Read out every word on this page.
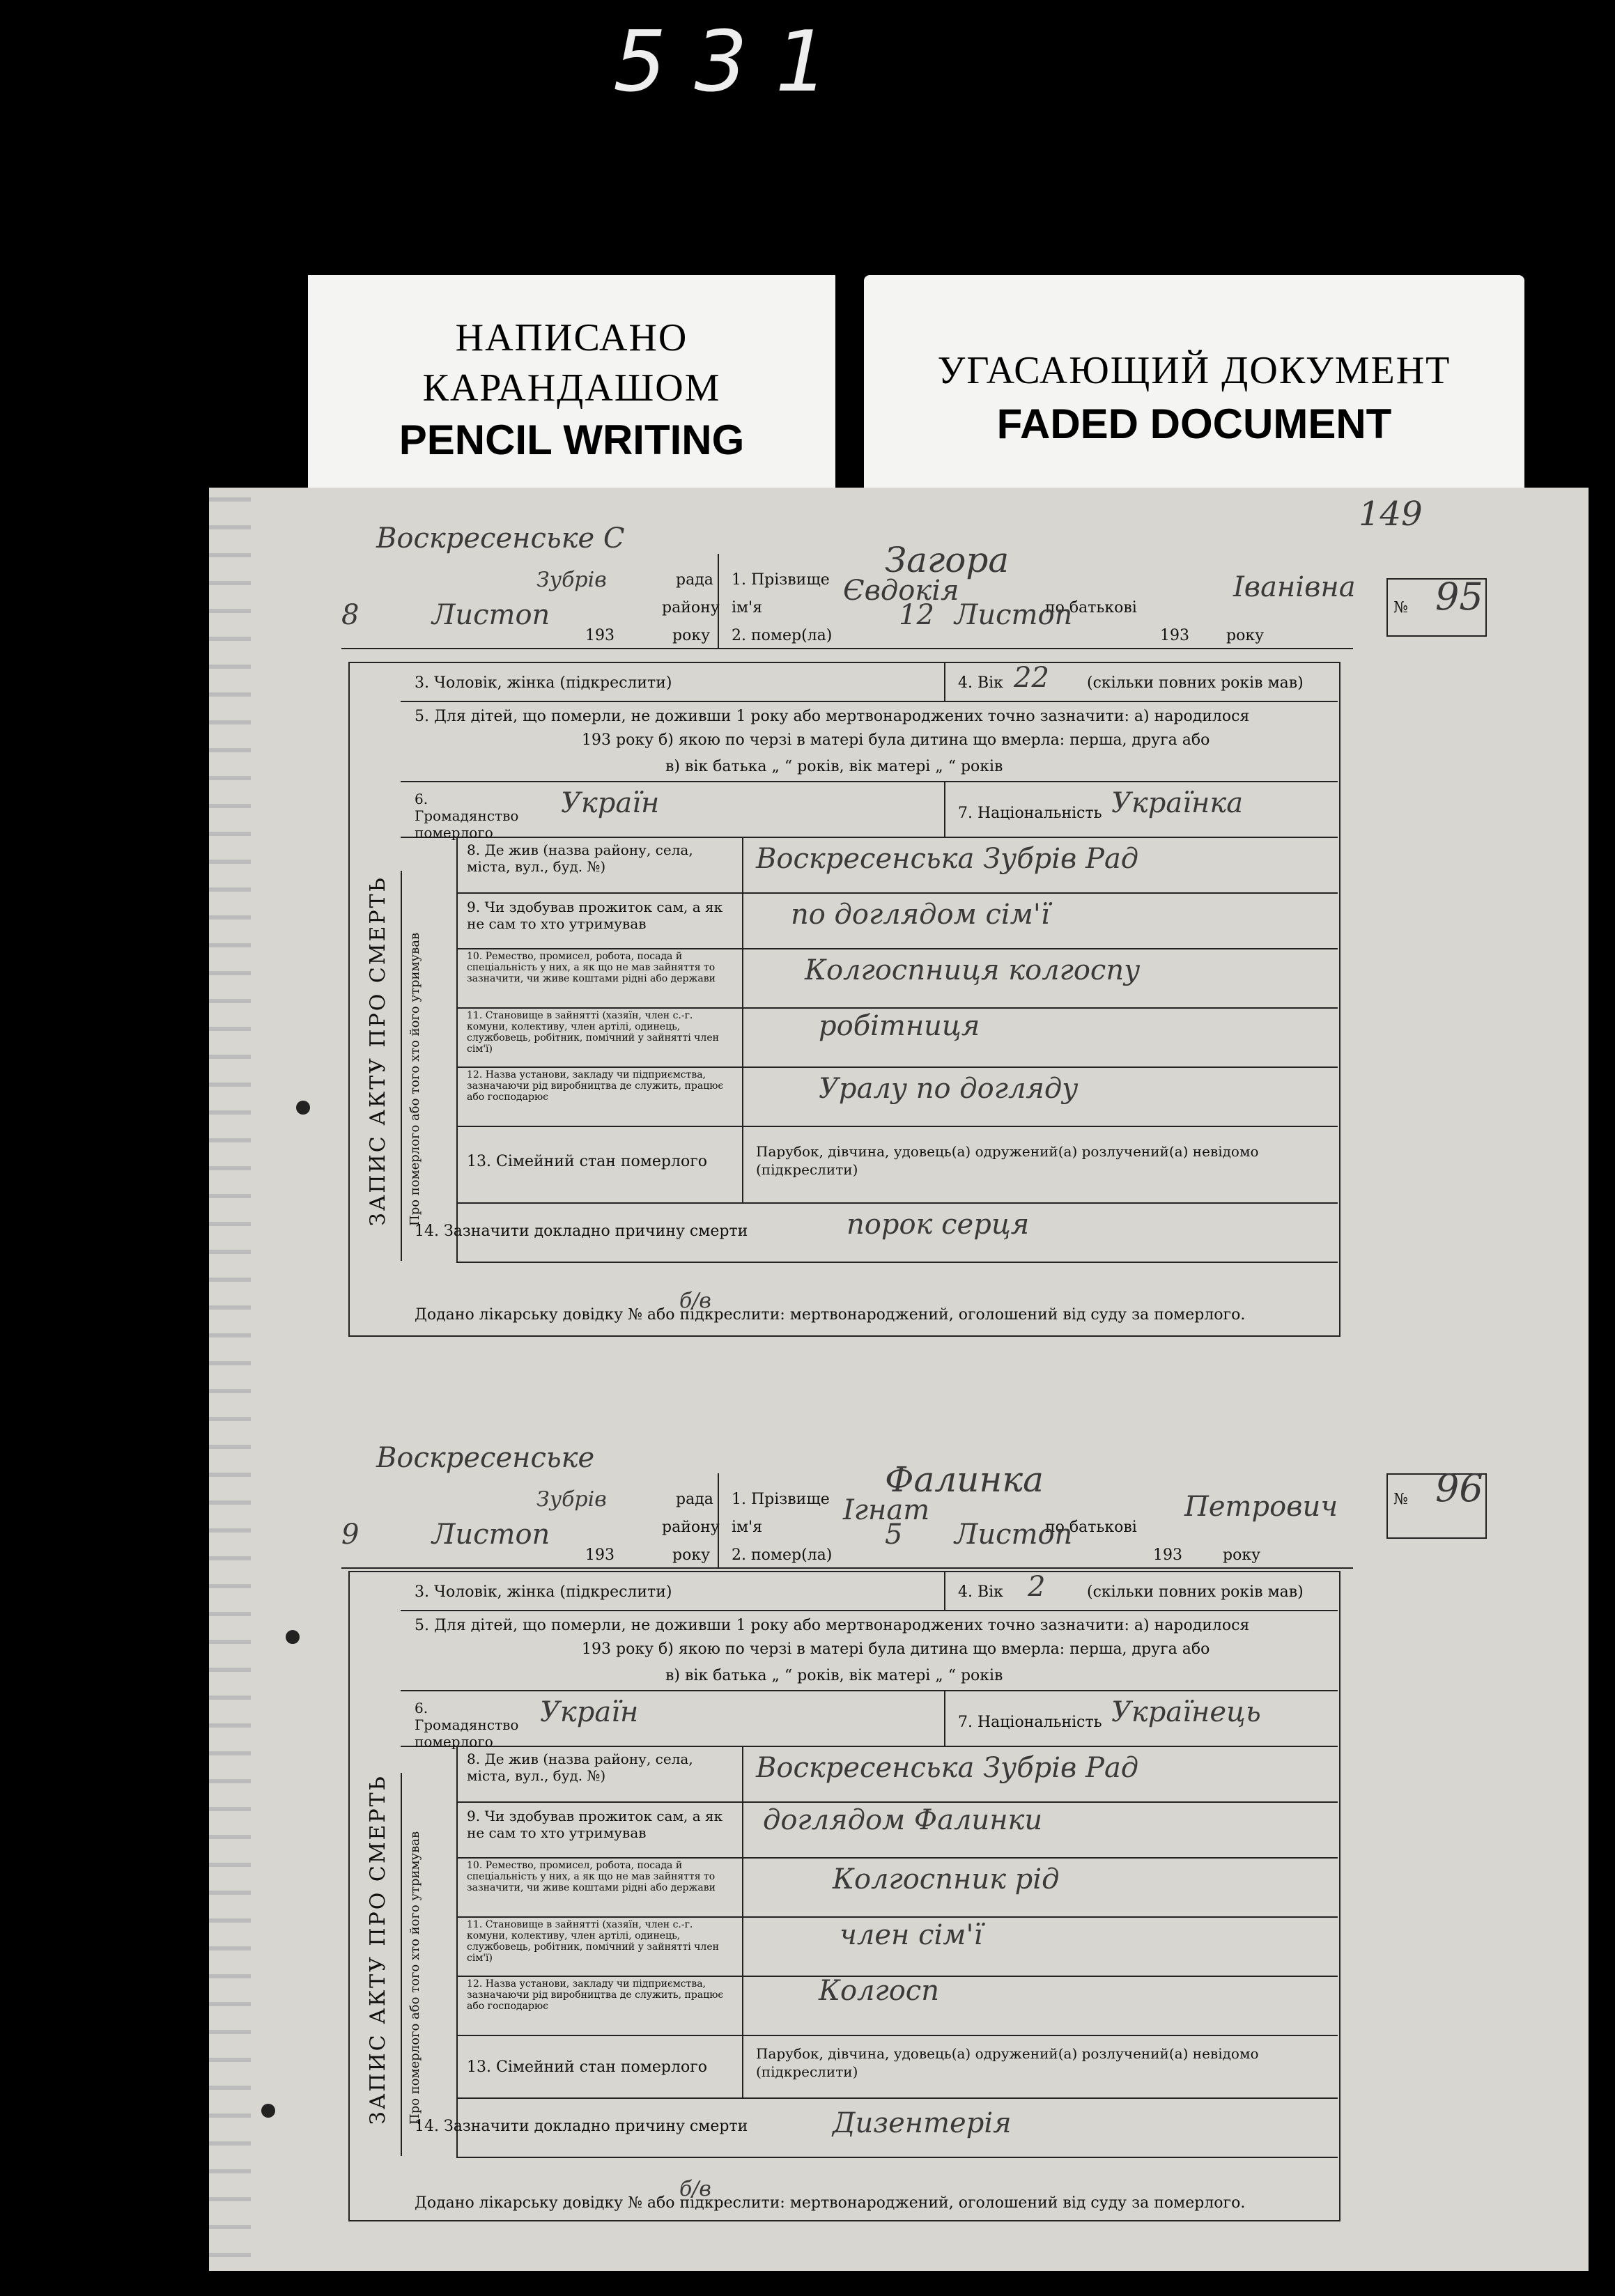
531
НАПИСАНО
КАРАНДАШОМ
PENCIL WRITING
УГАСАЮЩИЙ ДОКУМЕНТ
FADED DOCUMENT
149
Воскресенське С
рада
Зубрів
району
8	Листоп
193	року
1. Прізвище Загора
ім'я
Євдокія
по батькові
Іванівна
2. помер(ла)
12 Листоп
193 року
№ 95
ЗАПИС АКТУ ПРО СМЕРТЬ Про померлого або того хто його утримував
3. Чоловік, жінка (підкреслити)	4. Вік 22 (скільки повних років мав)
5. Для дітей, що померли, не доживши 1 року або мертвонароджених точно зазначити: а) народилося
193 року б) якою по черзі в матері була дитина що вмерла: перша, друга або
в) вік батька „ “ років, вік матері „ “ років
6. Громадянство померлого
Україн	7. Національність Українка
8. Де жив (назва району, села, міста, вул., буд. №)	Воскресенська Зубрів Рад
9. Чи здобував прожиток сам, а як не сам то хто утримував	по доглядом сім'ї
10. Ремество, промисел, робота, посада й спеціальність у них, а як що не мав зайняття то зазначити, чи живе коштами рідні або держави	Колгоспниця колгоспу
11. Становище в зайнятті (хазяїн, член с.-г. комуни, колективу, член артілі, одинець, службовець, робітник, помічний у зайнятті член сім'ї)
робітниця
12. Назва установи, закладу чи підприємства, зазначаючи рід виробництва де служить, працює або господарює	Уралу по догляду
13. Сімейний стан померлого
Парубок, дівчина, удовець(а) одружений(а) розлучений(а) невідомо (підкреслити)
14. Зазначити докладно причину смерти	порок серця
Додано лікарську довідку № або підкреслити: мертвонароджений, оголошений від суду за померлого.
б/в
Воскресенське
рада
Зубрів
району
9	Листоп
193	року
1. Прізвище Фалинка
ім'я
Ігнат
по батькові
Петрович
2. помер(ла)
5 Листоп
193	року
№ 96
ЗАПИС АКТУ ПРО СМЕРТЬ Про померлого або того хто його утримував
3. Чоловік, жінка (підкреслити)	4. Вік 2	(скільки повних років мав)
5. Для дітей, що померли, не доживши 1 року або мертвонароджених точно зазначити: а) народилося
193 року б) якою по черзі в матері була дитина що вмерла: перша, друга або
в) вік батька „ “ років, вік матері „ “ років
6. Громадянство померлого
Україн	7. Національність Українець
8. Де жив (назва району, села, міста, вул., буд. №)	Воскресенська Зубрів Рад
9. Чи здобував прожиток сам, а як не сам то хто утримував	доглядом Фалинки
10. Ремество, промисел, робота, посада й спеціальність у них, а як що не мав зайняття то зазначити, чи живе коштами рідні або держави	Колгоспник рід
11. Становище в зайнятті (хазяїн, член с.-г. комуни, колективу, член артілі, одинець, службовець, робітник, помічний у зайнятті член сім'ї)
член сім'ї
12. Назва установи, закладу чи підприємства, зазначаючи рід виробництва де служить, працює або господарює	Колгосп
13. Сімейний стан померлого
Парубок, дівчина, удовець(а) одружений(а) розлучений(а) невідомо (підкреслити)
14. Зазначити докладно причину смерти	Дизентерія
Додано лікарську довідку № або підкреслити: мертвонароджений, оголошений від суду за померлого.
б/в
